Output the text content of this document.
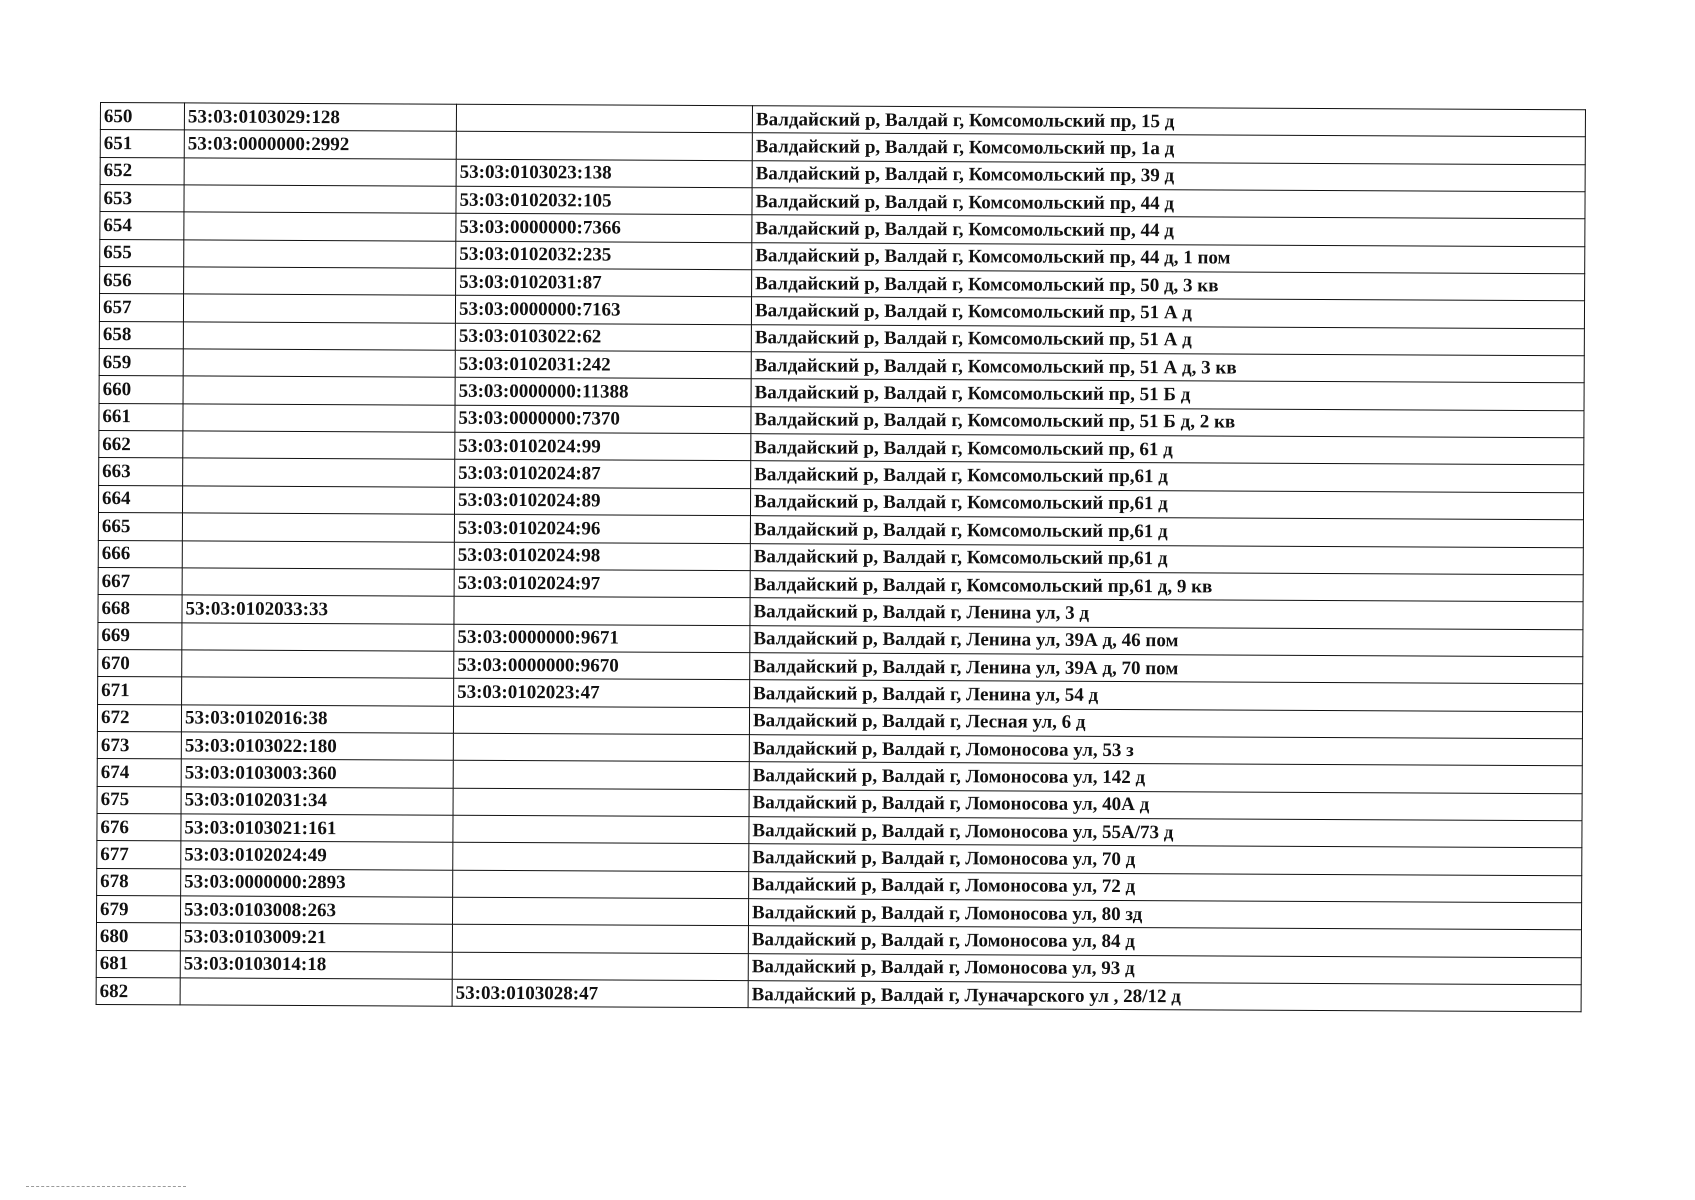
650	53:03:0103029:128		Валдайский р, Валдай г, Комсомольский пр, 15 д
651	53:03:0000000:2992		Валдайский р, Валдай г, Комсомольский пр, 1а д
652		53:03:0103023:138	Валдайский р, Валдай г, Комсомольский пр, 39 д
653		53:03:0102032:105	Валдайский р, Валдай г, Комсомольский пр, 44 д
654		53:03:0000000:7366	Валдайский р, Валдай г, Комсомольский пр, 44 д
655		53:03:0102032:235	Валдайский р, Валдай г, Комсомольский пр, 44 д, 1 пом
656		53:03:0102031:87	Валдайский р, Валдай г, Комсомольский пр, 50 д, 3 кв
657		53:03:0000000:7163	Валдайский р, Валдай г, Комсомольский пр, 51 А д
658		53:03:0103022:62	Валдайский р, Валдай г, Комсомольский пр, 51 А д
659		53:03:0102031:242	Валдайский р, Валдай г, Комсомольский пр, 51 А д, 3 кв
660		53:03:0000000:11388	Валдайский р, Валдай г, Комсомольский пр, 51 Б д
661		53:03:0000000:7370	Валдайский р, Валдай г, Комсомольский пр, 51 Б д, 2 кв
662		53:03:0102024:99	Валдайский р, Валдай г, Комсомольский пр, 61 д
663		53:03:0102024:87	Валдайский р, Валдай г, Комсомольский пр,61 д
664		53:03:0102024:89	Валдайский р, Валдай г, Комсомольский пр,61 д
665		53:03:0102024:96	Валдайский р, Валдай г, Комсомольский пр,61 д
666		53:03:0102024:98	Валдайский р, Валдай г, Комсомольский пр,61 д
667		53:03:0102024:97	Валдайский р, Валдай г, Комсомольский пр,61 д, 9 кв
668	53:03:0102033:33		Валдайский р, Валдай г, Ленина ул, 3 д
669		53:03:0000000:9671	Валдайский р, Валдай г, Ленина ул, 39А д, 46 пом
670		53:03:0000000:9670	Валдайский р, Валдай г, Ленина ул, 39А д, 70 пом
671		53:03:0102023:47	Валдайский р, Валдай г, Ленина ул, 54 д
672	53:03:0102016:38		Валдайский р, Валдай г, Лесная ул, 6 д
673	53:03:0103022:180		Валдайский р, Валдай г, Ломоносова ул, 53 з
674	53:03:0103003:360		Валдайский р, Валдай г, Ломоносова ул, 142 д
675	53:03:0102031:34		Валдайский р, Валдай г, Ломоносова ул, 40А д
676	53:03:0103021:161		Валдайский р, Валдай г, Ломоносова ул, 55А/73 д
677	53:03:0102024:49		Валдайский р, Валдай г, Ломоносова ул, 70 д
678	53:03:0000000:2893		Валдайский р, Валдай г, Ломоносова ул, 72 д
679	53:03:0103008:263		Валдайский р, Валдай г, Ломоносова ул, 80 зд
680	53:03:0103009:21		Валдайский р, Валдай г, Ломоносова ул, 84 д
681	53:03:0103014:18		Валдайский р, Валдай г, Ломоносова ул, 93 д
682		53:03:0103028:47	Валдайский р, Валдай г, Луначарского ул , 28/12 д
